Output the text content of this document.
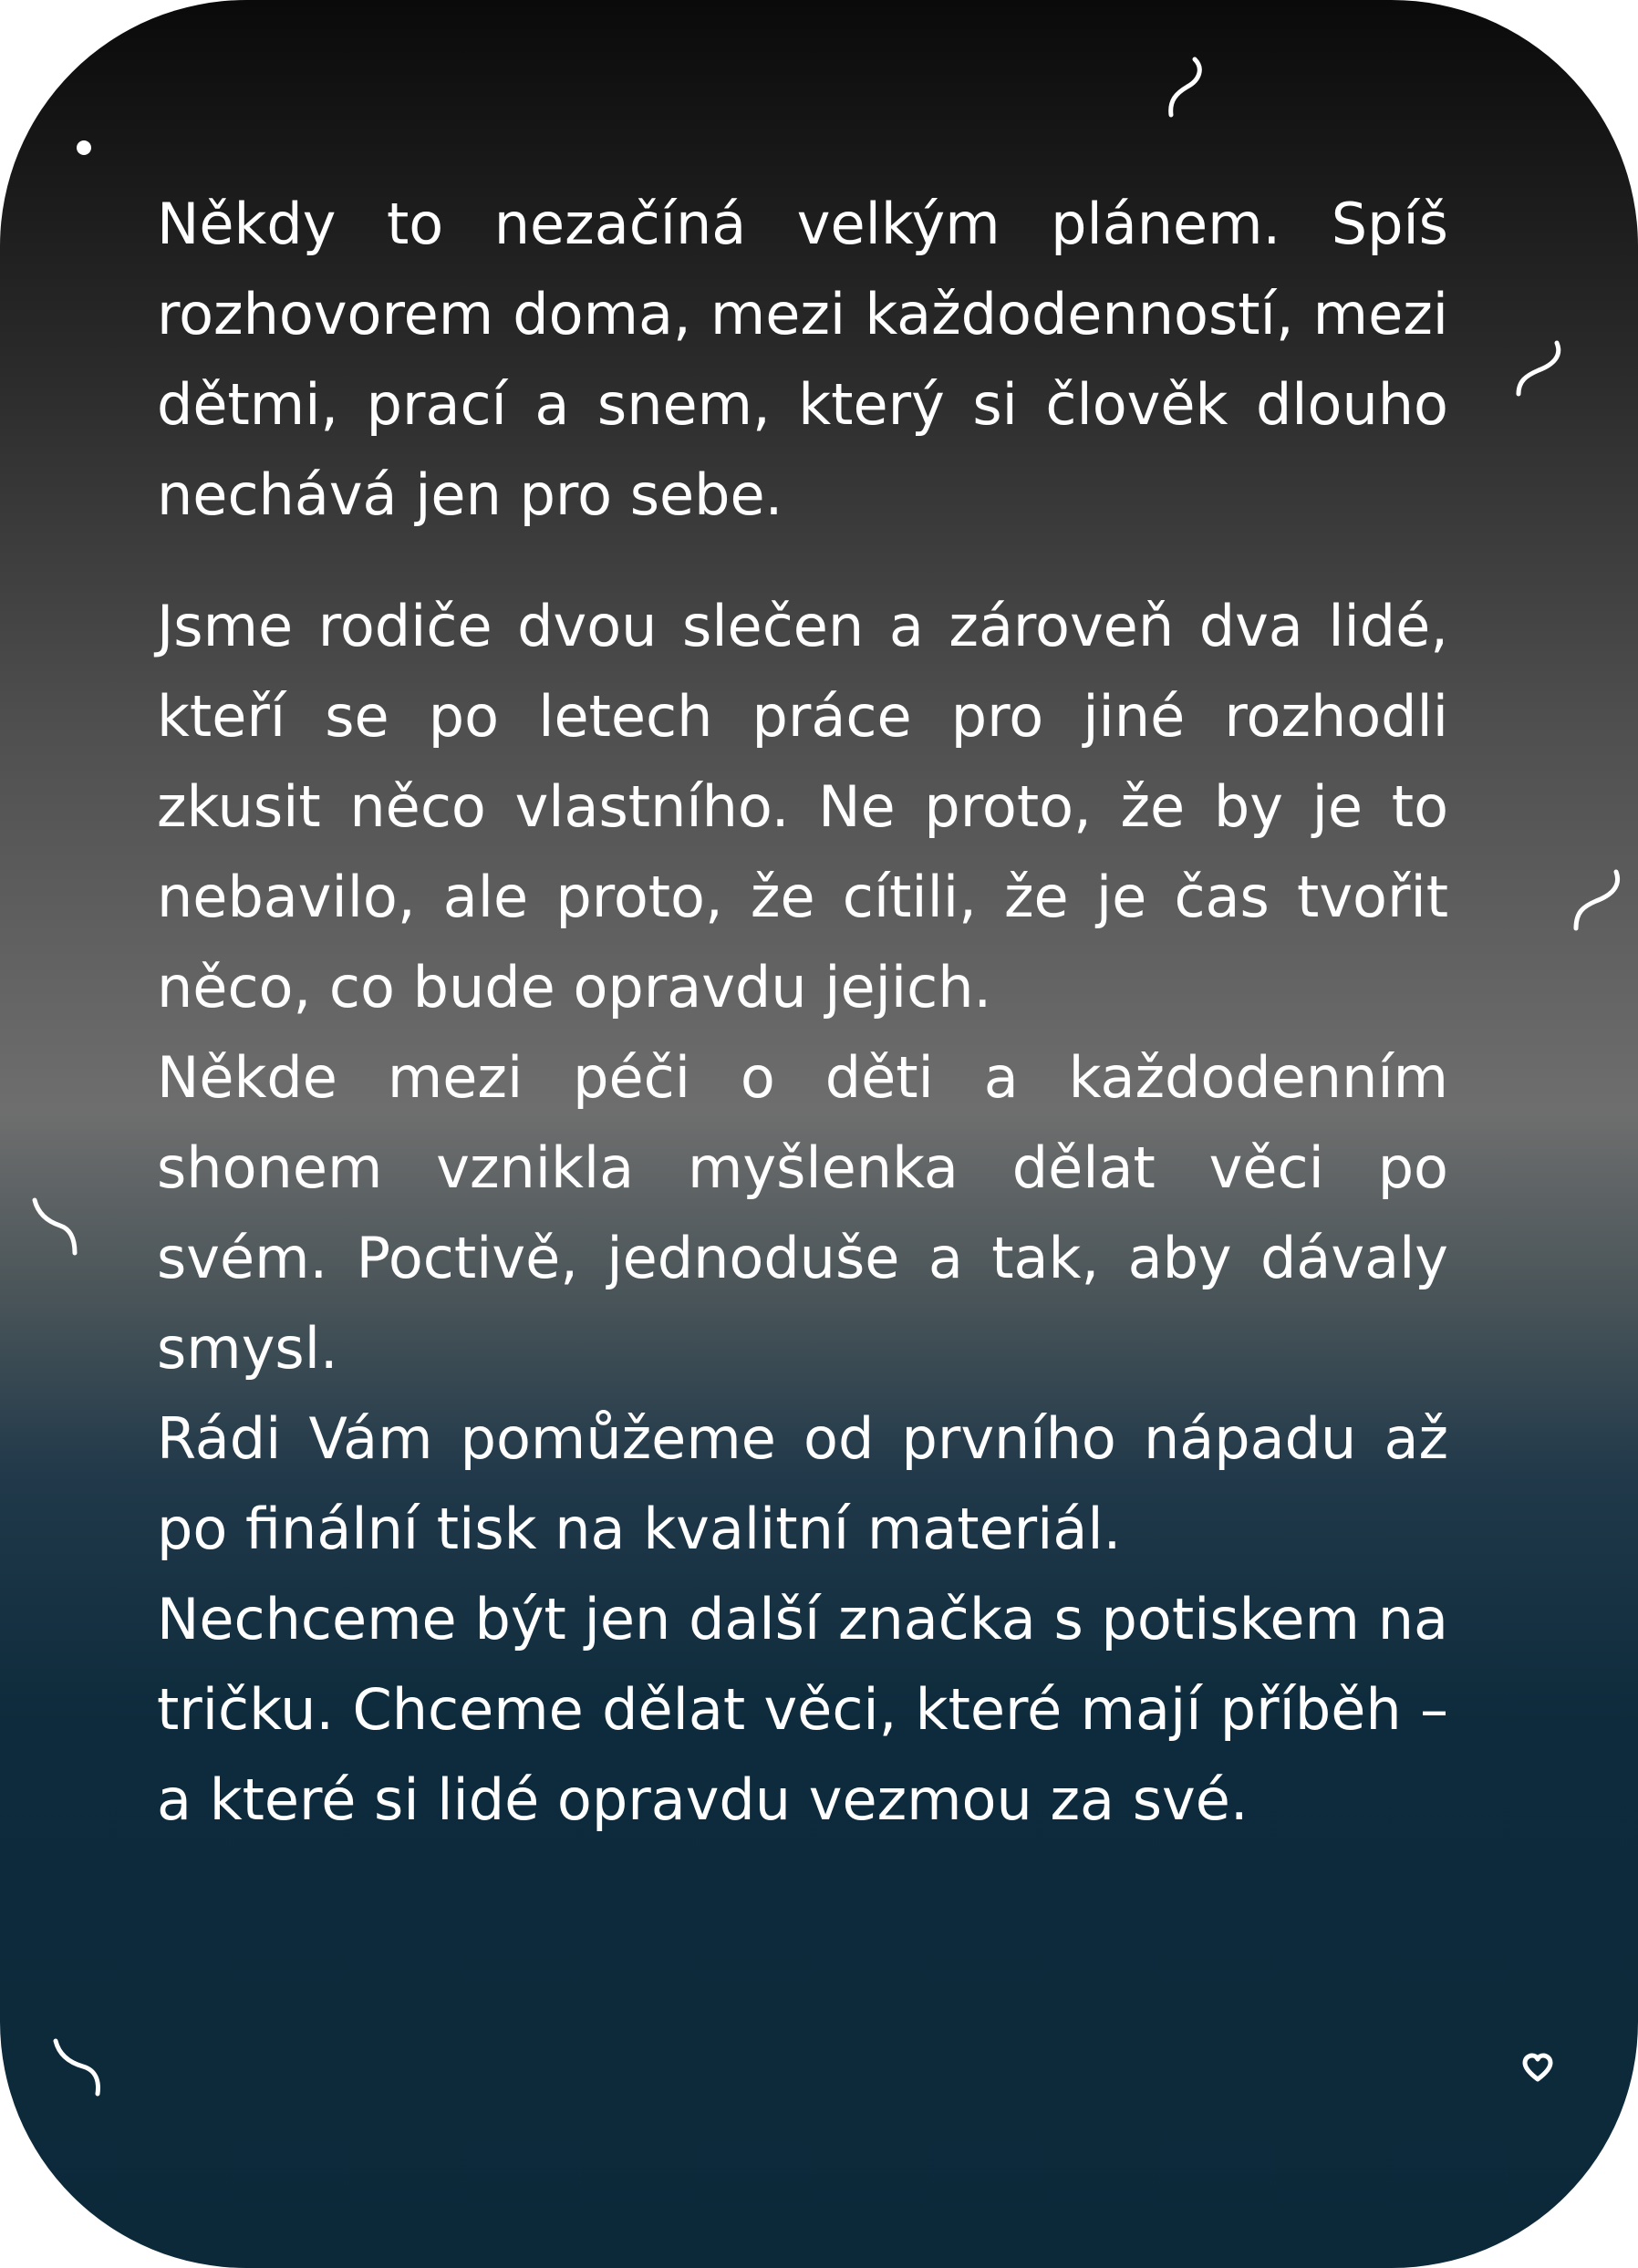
Někdy to nezačíná velkým plánem. Spíš rozhovorem doma, mezi každodenností, mezi dětmi, prací a snem, který si člověk dlouho nechává jen pro sebe.

Jsme rodiče dvou slečen a zároveň dva lidé, kteří se po letech práce pro jiné rozhodli zkusit něco vlastního. Ne proto, že by je to nebavilo, ale proto, že cítili, že je čas tvořit něco, co bude opravdu jejich.

Někde mezi péči o děti a každodenním shonem vznikla myšlenka dělat věci po svém. Poctivě, jednoduše a tak, aby dávaly smysl.

Rádi Vám pomůžeme od prvního nápadu až po finální tisk na kvalitní materiál.

Nechceme být jen další značka s potiskem na tričku. Chceme dělat věci, které mají příběh – a které si lidé opravdu vezmou za své.
